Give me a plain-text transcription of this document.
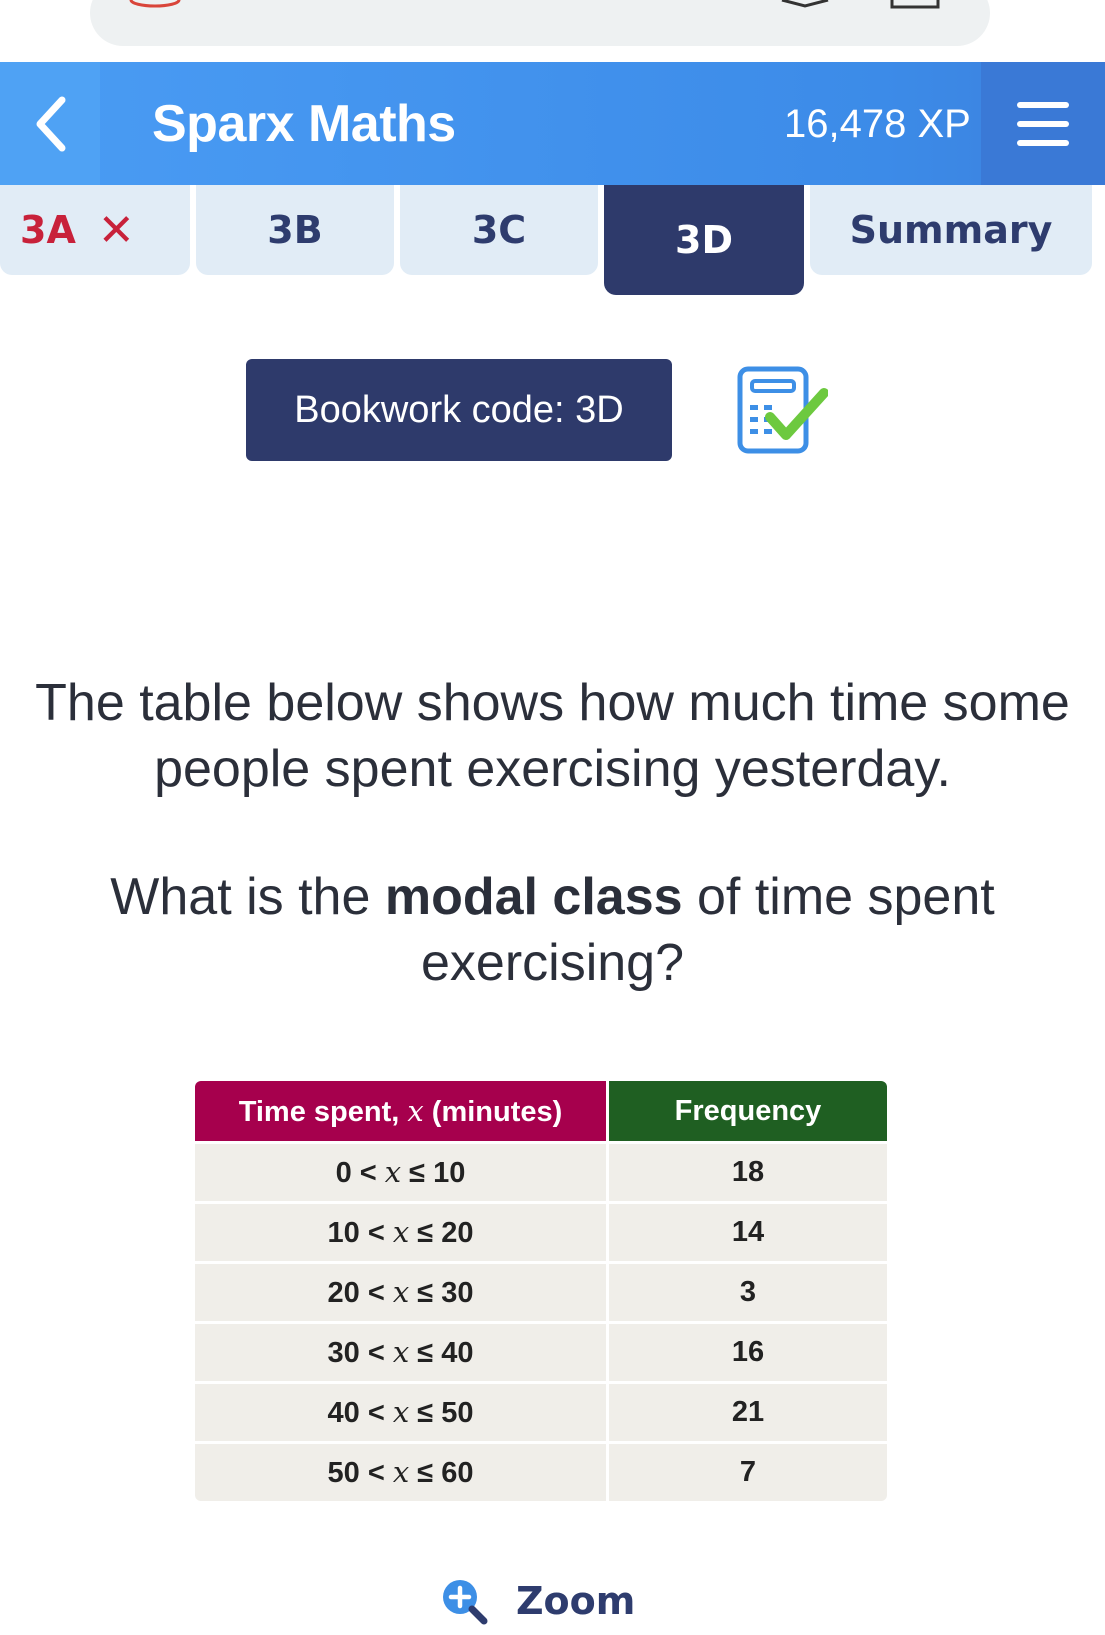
Sparx Maths	16,478 XP
3A ✕	3B	3C	3D	Summary
Bookwork code: 3D
The table below shows how much time some people spent exercising yesterday.
What is the modal class of time spent exercising?
Time spent, x (minutes)	Frequency
0 < x ≤ 10	18
10 < x ≤ 20	14
20 < x ≤ 30	3
30 < x ≤ 40	16
40 < x ≤ 50	21
50 < x ≤ 60	7
Zoom
